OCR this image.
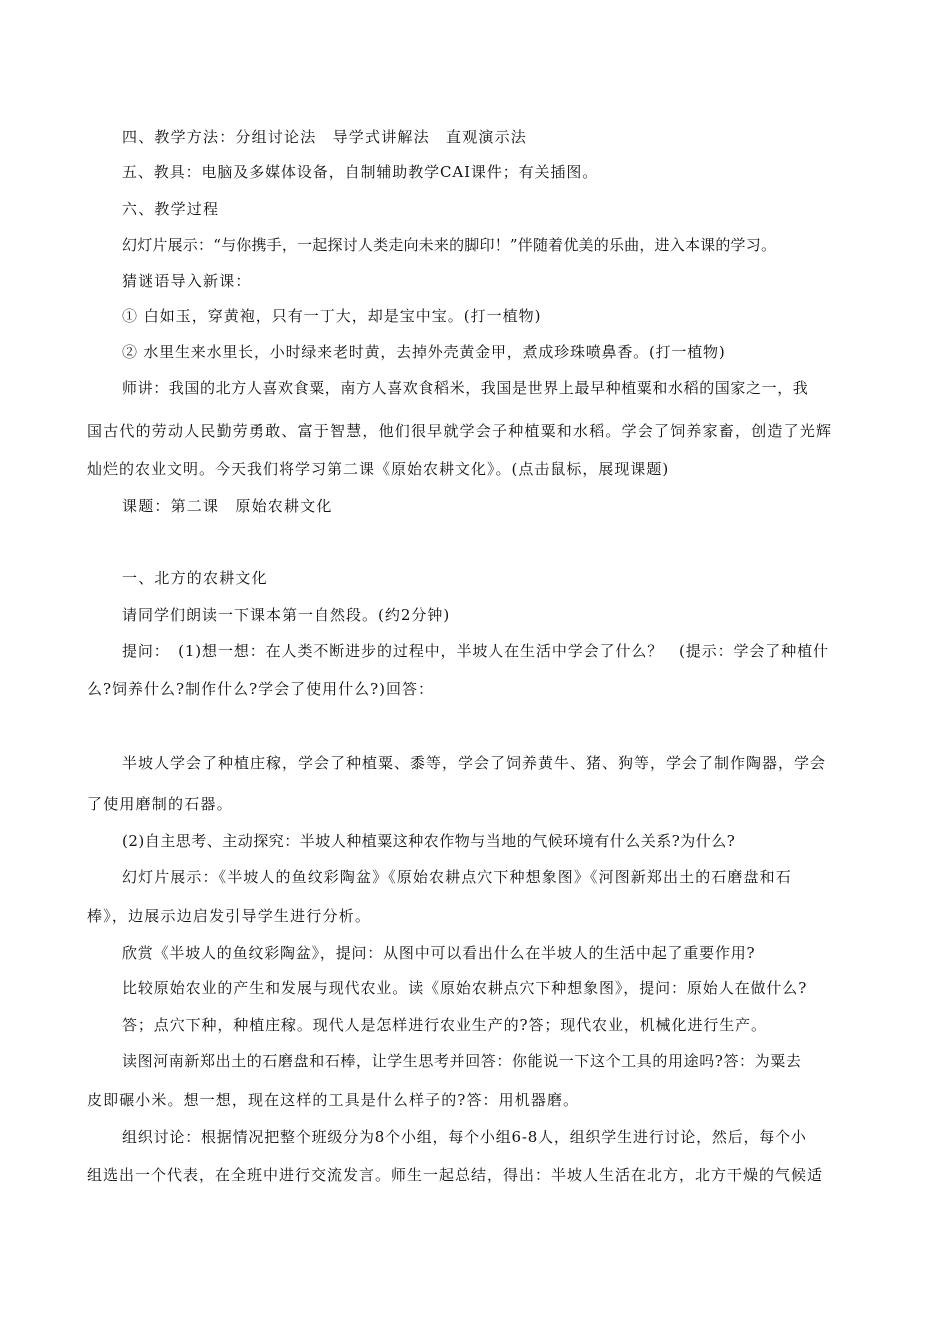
四、教学方法：分组讨论法　导学式讲解法　直观演示法
五、教具：电脑及多媒体设备，自制辅助教学CAI课件；有关插图。
六、教学过程
幻灯片展示：“与你携手，一起探讨人类走向未来的脚印！”伴随着优美的乐曲，进入本课的学习。
猜谜语导入新课：
① 白如玉，穿黄袍，只有一丁大，却是宝中宝。(打一植物)
② 水里生来水里长，小时绿来老时黄，去掉外壳黄金甲，煮成珍珠喷鼻香。(打一植物)
师讲：我国的北方人喜欢食粟，南方人喜欢食稻米，我国是世界上最早种植粟和水稻的国家之一，我
国古代的劳动人民勤劳勇敢、富于智慧，他们很早就学会子种植粟和水稻。学会了饲养家畜，创造了光辉
灿烂的农业文明。今天我们将学习第二课《原始农耕文化》。(点击鼠标，展现课题)
课题：第二课　原始农耕文化
一、北方的农耕文化
请同学们朗读一下课本第一自然段。(约2分钟)
提问：　(1)想一想：在人类不断进步的过程中，半坡人在生活中学会了什么？　(提示：学会了种植什
么?饲养什么?制作什么?学会了使用什么?)回答：
半坡人学会了种植庄稼，学会了种植粟、黍等，学会了饲养黄牛、猪、狗等，学会了制作陶器，学会
了使用磨制的石器。
(2)自主思考、主动探究：半坡人种植粟这种农作物与当地的气候环境有什么关系?为什么?
幻灯片展示：《半坡人的鱼纹彩陶盆》《原始农耕点穴下种想象图》《河图新郑出土的石磨盘和石
棒》，边展示边启发引导学生进行分析。
欣赏《半坡人的鱼纹彩陶盆》，提问：从图中可以看出什么在半坡人的生活中起了重要作用?
比较原始农业的产生和发展与现代农业。读《原始农耕点穴下种想象图》，提问：原始人在做什么?
答；点穴下种，种植庄稼。现代人是怎样进行农业生产的?答；现代农业，机械化进行生产。
读图河南新郑出土的石磨盘和石棒，让学生思考并回答：你能说一下这个工具的用途吗?答：为粟去
皮即碾小米。想一想，现在这样的工具是什么样子的?答：用机器磨。
组织讨论：根据情况把整个班级分为8个小组，每个小组6-8人，组织学生进行讨论，然后，每个小
组选出一个代表，在全班中进行交流发言。师生一起总结，得出：半坡人生活在北方，北方干燥的气候适
